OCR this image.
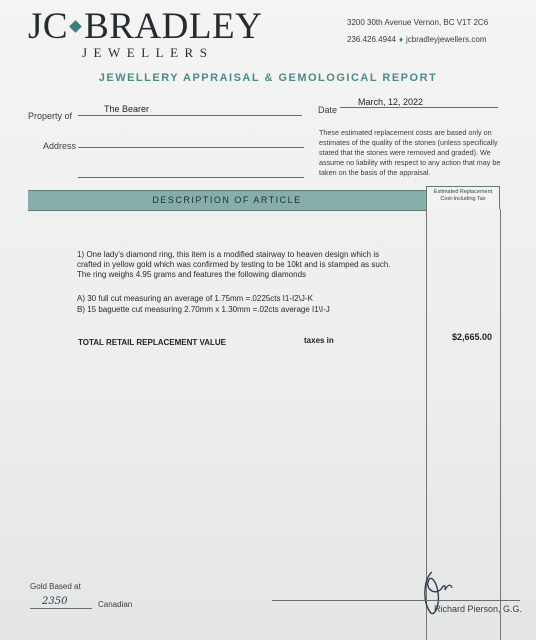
JC BRADLEY
JEWELLERS
3200 30th Avenue Vernon, BC V1T 2C6
236.426.4944 ♦ jcbradleyjewellers.com
JEWELLERY APPRAISAL & GEMOLOGICAL REPORT
Property of
The Bearer	Date
March, 12, 2022
Address
These estimated replacement costs are based only on estimates of the quality of the stones (unless specifically stated that the stones were removed and graded). We assume no liability with respect to any action that may be taken on the basis of the appraisal.
DESCRIPTION OF ARTICLE
Estimated Replacement
Cost-Including Tax
1) One lady's diamond ring, this item is a modified stairway to heaven design which is crafted in yellow gold which was confirmed by testing to be 10kt and is stamped as such. The ring weighs 4.95 grams and features the following diamonds
A) 30 full cut measuring an average of 1.75mm =.0225cts I1-I2\J-K
B) 15 baguette cut measuring 2.70mm x 1.30mm =.02cts average I1\I-J
TOTAL RETAIL REPLACEMENT VALUE	taxes in	$2,665.00
Gold Based at
2350	Canadian	Richard Pierson, G.G.
